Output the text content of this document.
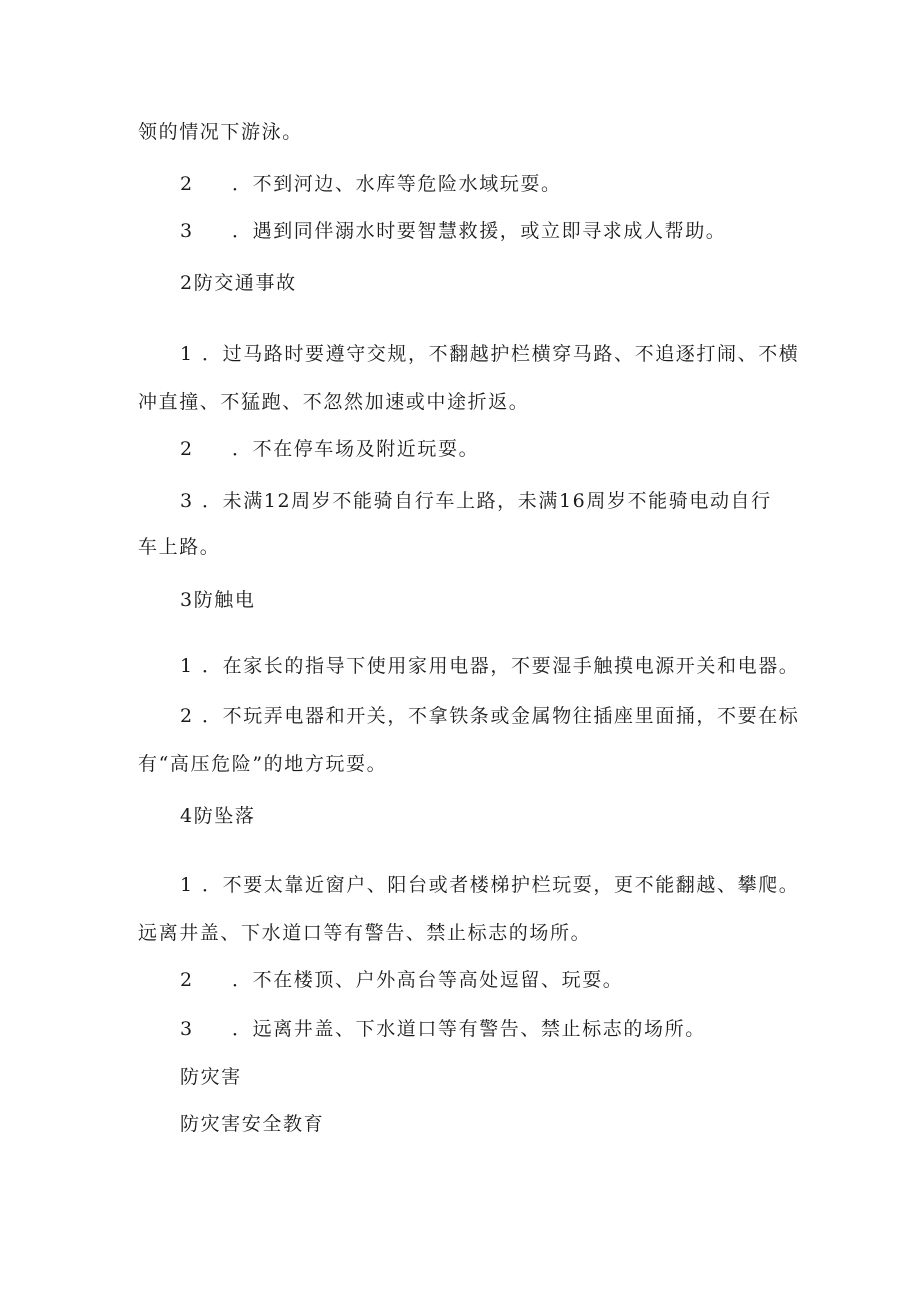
领的情况下游泳。
2 ．不到河边、水库等危险水域玩耍。
3 ．遇到同伴溺水时要智慧救援，或立即寻求成人帮助。
2防交通事故
1 ．过马路时要遵守交规，不翻越护栏横穿马路、不追逐打闹、不横
冲直撞、不猛跑、不忽然加速或中途折返。
2 ．不在停车场及附近玩耍。
3 ．未满12周岁不能骑自行车上路，未满16周岁不能骑电动自行
车上路。
3防触电
1 ．在家长的指导下使用家用电器，不要湿手触摸电源开关和电器。
2 ．不玩弄电器和开关，不拿铁条或金属物往插座里面捅，不要在标
有“高压危险”的地方玩耍。
4防坠落
1 ．不要太靠近窗户、阳台或者楼梯护栏玩耍，更不能翻越、攀爬。
远离井盖、下水道口等有警告、禁止标志的场所。
2 ．不在楼顶、户外高台等高处逗留、玩耍。
3 ．远离井盖、下水道口等有警告、禁止标志的场所。
防灾害
防灾害安全教育
